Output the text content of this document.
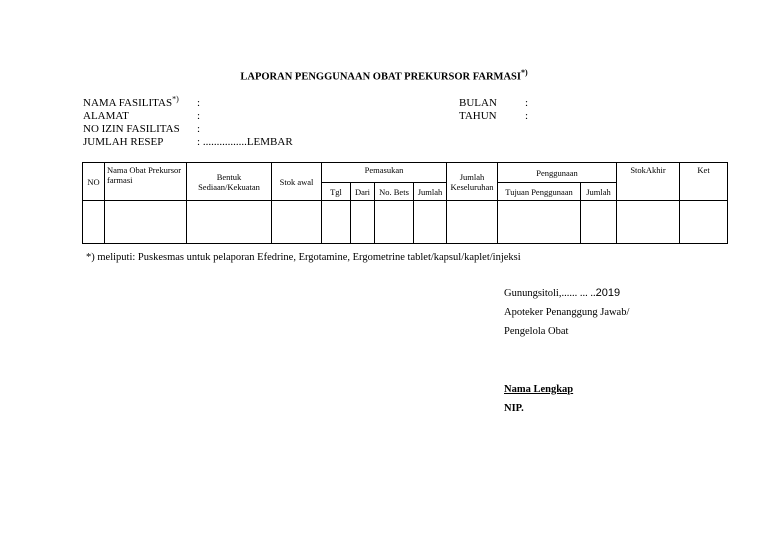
LAPORAN PENGGUNAAN OBAT PREKURSOR FARMASI*)
NAMA FASILITAS*) :
ALAMAT	:
NO IZIN FASILITAS :
JUMLAH RESEP	: ................LEMBAR
BULAN	:
TAHUN	:
NO	Nama Obat Prekursor farmasi	Bentuk Sediaan/Kekuatan	Stok awal	Pemasukan				Jumlah Keseluruhan	Penggunaan		StokAkhir	Ket
				Tgl	Dari	No. Bets	Jumlah		Tujuan Penggunaan	Jumlah		

*) meliputi: Puskesmas untuk pelaporan Efedrine, Ergotamine, Ergometrine tablet/kapsul/kaplet/injeksi
Gunungsitoli,...... ... ..2019
Apoteker Penanggung Jawab/
Pengelola Obat
Nama Lengkap
NIP.
